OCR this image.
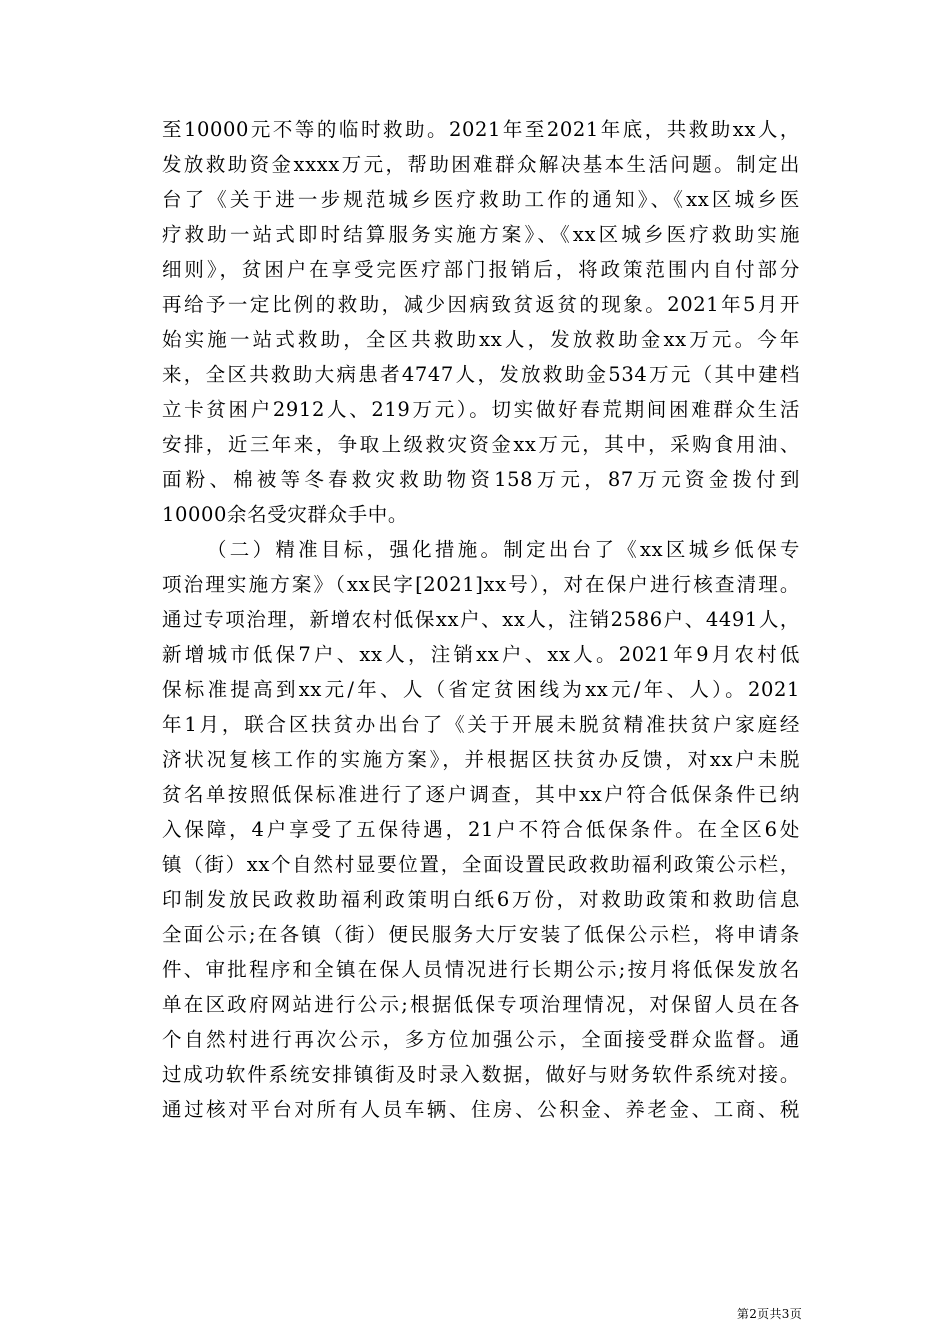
至10000元不等的临时救助。2021年至2021年底，共救助xx人，
发放救助资金xxxx万元，帮助困难群众解决基本生活问题。制定出
台了《关于进一步规范城乡医疗救助工作的通知》、《xx区城乡医
疗救助一站式即时结算服务实施方案》、《xx区城乡医疗救助实施
细则》，贫困户在享受完医疗部门报销后，将政策范围内自付部分
再给予一定比例的救助，减少因病致贫返贫的现象。2021年5月开
始实施一站式救助，全区共救助xx人，发放救助金xx万元。今年
来，全区共救助大病患者4747人，发放救助金534万元（其中建档
立卡贫困户2912人、219万元）。切实做好春荒期间困难群众生活
安排，近三年来，争取上级救灾资金xx万元，其中，采购食用油、
面粉、棉被等冬春救灾救助物资158万元，87万元资金拨付到
10000余名受灾群众手中。
（二）精准目标，强化措施。制定出台了《xx区城乡低保专
项治理实施方案》（xx民字[2021]xx号），对在保户进行核查清理。
通过专项治理，新增农村低保xx户、xx人，注销2586户、4491人，
新增城市低保7户、xx人，注销xx户、xx人。2021年9月农村低
保标准提高到xx元/年、人（省定贫困线为xx元/年、人）。2021
年1月，联合区扶贫办出台了《关于开展未脱贫精准扶贫户家庭经
济状况复核工作的实施方案》，并根据区扶贫办反馈，对xx户未脱
贫名单按照低保标准进行了逐户调查，其中xx户符合低保条件已纳
入保障，4户享受了五保待遇，21户不符合低保条件。在全区6处
镇（街）xx个自然村显要位置，全面设置民政救助福利政策公示栏，
印制发放民政救助福利政策明白纸6万份，对救助政策和救助信息
全面公示;在各镇（街）便民服务大厅安装了低保公示栏，将申请条
件、审批程序和全镇在保人员情况进行长期公示;按月将低保发放名
单在区政府网站进行公示;根据低保专项治理情况，对保留人员在各
个自然村进行再次公示，多方位加强公示，全面接受群众监督。通
过成功软件系统安排镇街及时录入数据，做好与财务软件系统对接。
通过核对平台对所有人员车辆、住房、公积金、养老金、工商、税
第2页共3页
